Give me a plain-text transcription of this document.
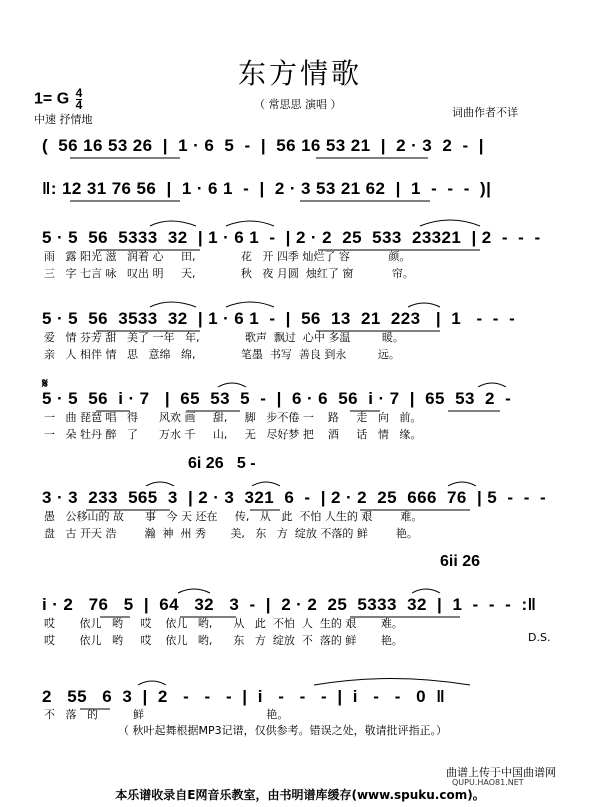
东方情歌
1= G $\frac{4}{4}$
中速 抒情地
（ 常思思 演唱 ）
词曲作者不详
(  56 16 53 26  |  1 · 6  5  -  |  56 16 53 21  |  2 · 3  2  -  |
‖: 12 31 76 56  |  1 · 6 1  -  |  2 · 3 53 21 62  |  1  -  -  -  )|
5 · 5  56  5333  32  | 1 · 6 1  -  | 2 · 2  25  533  23321  | 2  -  -  -
5 · 5  56  3533  32  | 1 · 6 1  -  |  56  13  21  223   |  1   -  -  -
5 · 5  56  i · 7   |  65  53  5  -  |  6 · 6  56  i · 7  |  65  53  2  -
3 · 3  233  565  3  | 2 · 3  321  6  -  | 2 · 2  25  666  76  | 5  -  -  -
i · 2   76   5  |  64   32   3  -  |  2 · 2  25  5333  32  |  1  -  -  -  :‖
2   55   6  3  |  2   -   -   -  |  i   -   -   -  |  i   -   -   0  ‖
雨   露 阳光 滋   润着 心     田,             花   开 四季 灿烂了 容           颜。
三   字 七言 咏   叹出 明     天,             秋   夜 月圆  烛红了 窗           帘。
爱   情 芬芳 甜   美了 一年   年,             歌声  飘过  心中 多温         暖。
亲   人 相伴 情   思   意绵   绵,             笔墨  书写  善良 到永         远。
一   曲 琵琶 唱   得      风欢 画     甜,     脚   步不倦 一    路     走   向   前。
一   朵 牡丹 醉   了      万水 千     山,     无   尽好梦 把    酒     话   情   缘。
愚   公移山的 故      事   今 天 还在     传,   从   此  不怕 人生的 艰        难。
盘   古 开天 浩        瀚  神  州 秀       美,   东   方  绽放 不落的 鲜        艳。
哎       依儿   哟     哎    依儿   哟,      从   此  不怕  人  生的 艰       难。
哎       依儿   哟     哎    依儿   哟,      东   方  绽放  不  落的 鲜       艳。
不   落   的          鲜                                   艳。
6i 26   5 -
6ii 26
𝄋
D.S.
（ 秋叶起舞根据MP3记谱，仅供参考。错误之处，敬请批评指正。）
曲谱上传于中国曲谱网
QUPU.HAO81.NET
本乐谱收录自E网音乐教室，由书明谱库缓存(www.spuku.com)。
